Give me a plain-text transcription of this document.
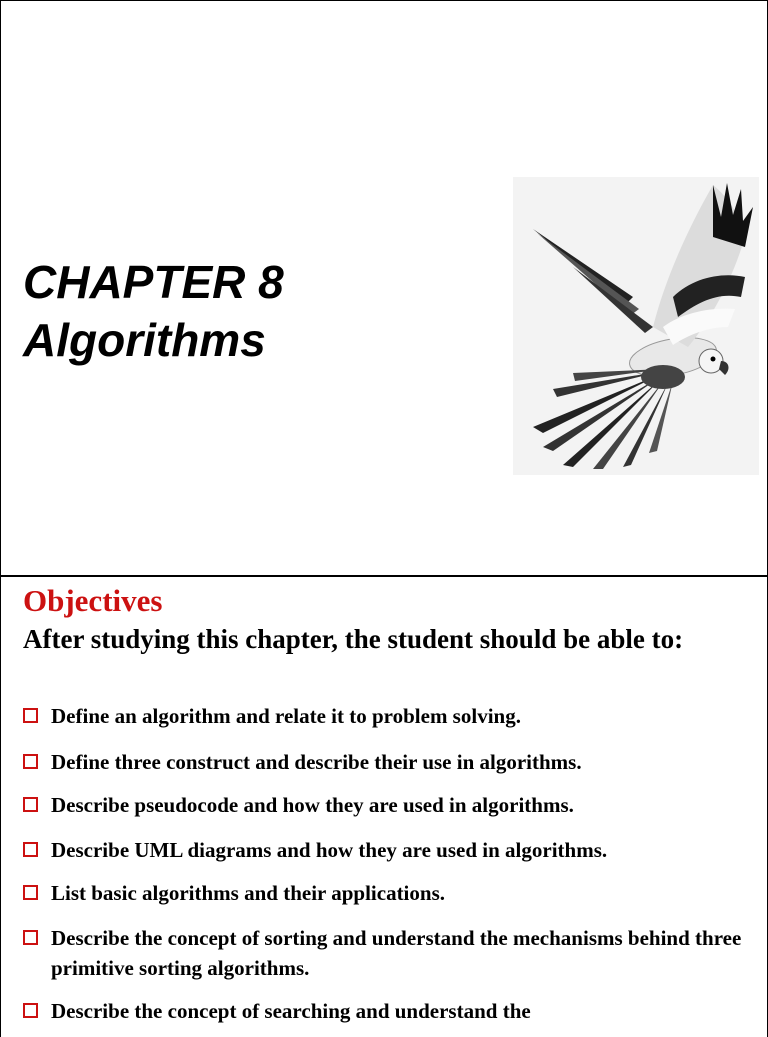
CHAPTER 8
Algorithms
Objectives

After studying this chapter, the student should be able to:

Define an algorithm and relate it to problem solving.
Define three construct and describe their use in algorithms.
Describe pseudocode and how they are used in algorithms.
Describe UML diagrams and how they are used in algorithms.
List basic algorithms and their applications.
Describe the concept of sorting and understand the mechanisms behind three primitive sorting algorithms.
Describe the concept of searching and understand the
